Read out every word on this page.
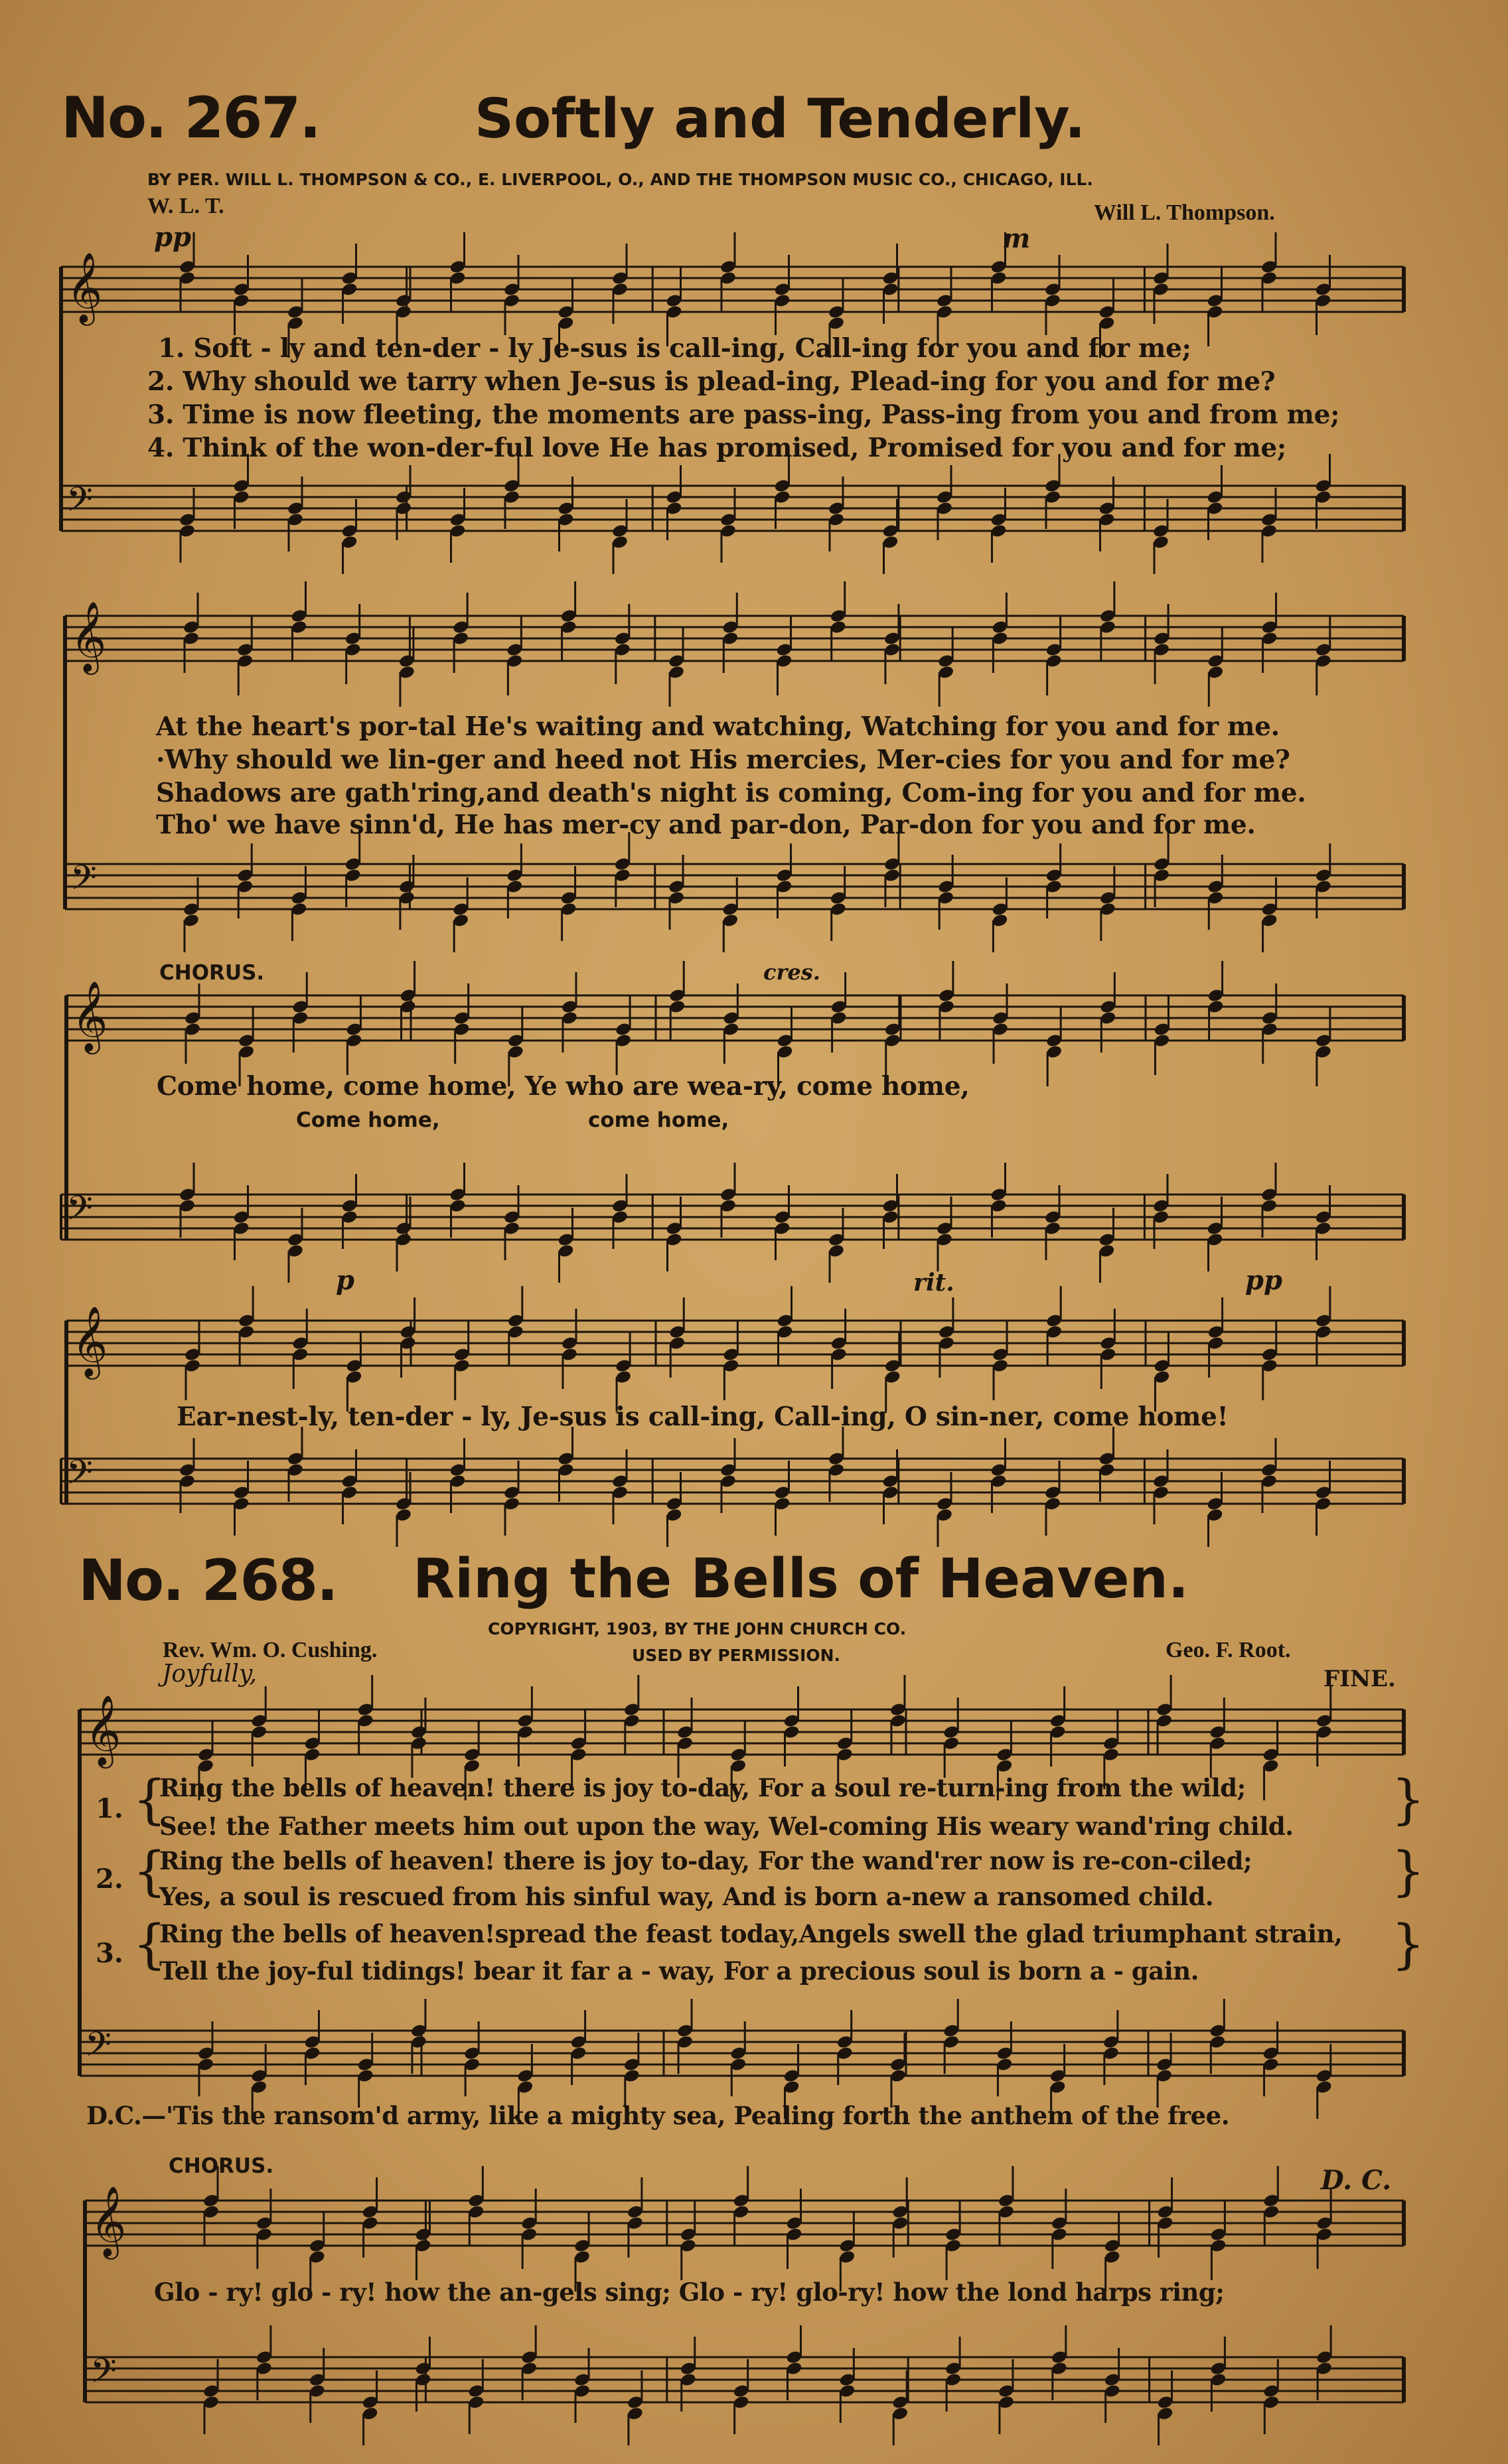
𝄞
𝄢
𝄞
𝄢
𝄞
𝄢
𝄞
𝄢
𝄞
𝄢
𝄞
𝄢
No. 267.	Softly and Tenderly.
BY PER. WILL L. THOMPSON & CO., E. LIVERPOOL, O., AND THE THOMPSON MUSIC CO., CHICAGO, ILL.
W. L. T.	Will L. Thompson.
pp	m
1. Soft - ly and ten-der - ly Je-sus is call-ing, Call-ing for you and for me;
2. Why should we tarry when Je-sus is plead-ing, Plead-ing for you and for me?
3. Time is now fleeting, the moments are pass-ing, Pass-ing from you and from me;
4. Think of the won-der-ful love He has promised, Promised for you and for me;
At the heart's por-tal He's waiting and watching, Watching for you and for me.
·Why should we lin-ger and heed not His mercies, Mer-cies for you and for me?
Shadows are gath'ring,and death's night is coming, Com-ing for you and for me.
Tho' we have sinn'd, He has mer-cy and par-don, Par-don for you and for me.
CHORUS.	cres.
Come home, come home, Ye who are wea-ry, come home,
Come home,	come home,
p	rit.	pp
Ear-nest-ly, ten-der - ly, Je-sus is call-ing, Call-ing, O sin-ner, come home!
No. 268. Ring the Bells of Heaven.
COPYRIGHT, 1903, BY THE JOHN CHURCH CO.
USED BY PERMISSION.
Rev. Wm. O. Cushing.	Geo. F. Root.
Joyfully,	FINE.
1. {
Ring the bells of heaven! there is joy to-day, For a soul re-turn-ing from the wild;
See! the Father meets him out upon the way, Wel-coming His weary wand'ring child. }
2. {
Ring the bells of heaven! there is joy to-day, For the wand'rer now is re-con-ciled;
Yes, a soul is rescued from his sinful way, And is born a-new a ransomed child.	}
3. {
Ring the bells of heaven!spread the feast today,Angels swell the glad triumphant strain,
Tell the joy-ful tidings! bear it far a - way, For a precious soul is born a - gain.	}
D.C.—'Tis the ransom'd army, like a mighty sea, Pealing forth the anthem of the free.
CHORUS.	D. C.
Glo - ry! glo - ry! how the an-gels sing; Glo - ry! glo-ry! how the lond harps ring;
